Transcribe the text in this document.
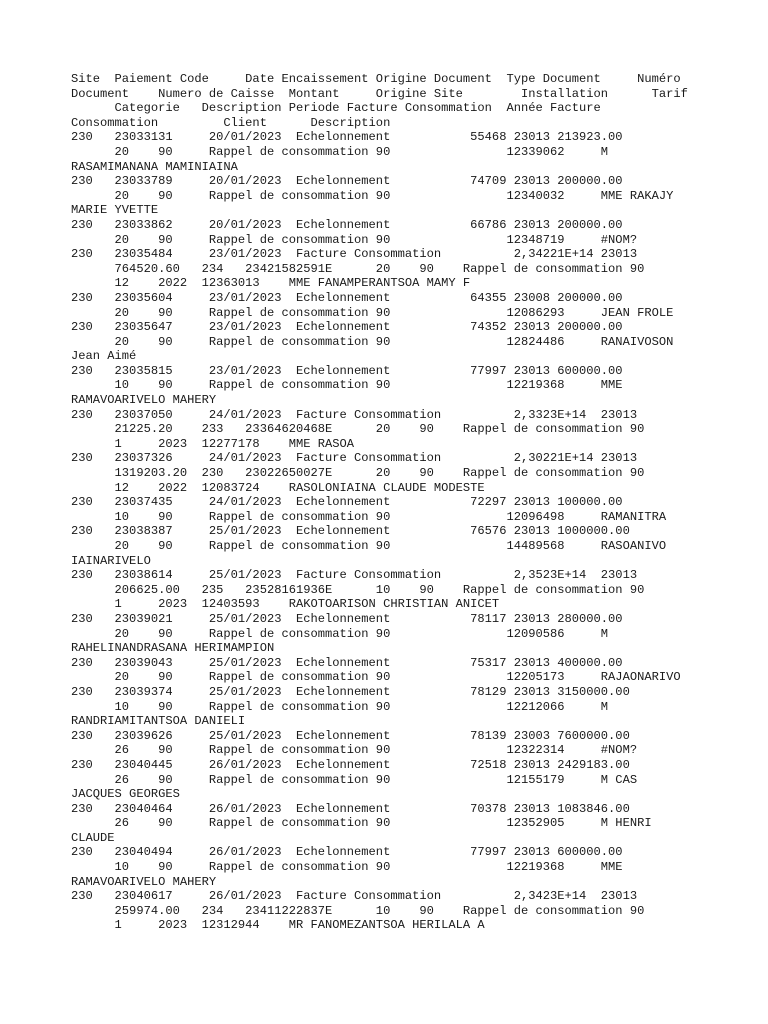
Site  Paiement Code     Date Encaissement Origine Document  Type Document     Numéro
Document    Numero de Caisse  Montant     Origine Site        Installation      Tarif
Categorie   Description Periode Facture Consommation  Année Facture
Consommation         Client      Description
230   23033131     20/01/2023  Echelonnement           55468 23013 213923.00
20    90     Rappel de consommation 90                12339062     M
RASAMIMANANA MAMINIAINA
230   23033789     20/01/2023  Echelonnement           74709 23013 200000.00
20    90     Rappel de consommation 90                12340032     MME RAKAJY
MARIE YVETTE
230   23033862     20/01/2023  Echelonnement           66786 23013 200000.00
20    90     Rappel de consommation 90                12348719     #NOM?
230   23035484     23/01/2023  Facture Consommation          2,34221E+14 23013
764520.60   234   23421582591E      20    90    Rappel de consommation 90
12    2022  12363013    MME FANAMPERANTSOA MAMY F
230   23035604     23/01/2023  Echelonnement           64355 23008 200000.00
20    90     Rappel de consommation 90                12086293     JEAN FROLE
230   23035647     23/01/2023  Echelonnement           74352 23013 200000.00
20    90     Rappel de consommation 90                12824486     RANAIVOSON
Jean Aimé
230   23035815     23/01/2023  Echelonnement           77997 23013 600000.00
10    90     Rappel de consommation 90                12219368     MME
RAMAVOARIVELO MAHERY
230   23037050     24/01/2023  Facture Consommation          2,3323E+14  23013
21225.20    233   23364620468E      20    90    Rappel de consommation 90
1     2023  12277178    MME RASOA
230   23037326     24/01/2023  Facture Consommation          2,30221E+14 23013
1319203.20  230   23022650027E      20    90    Rappel de consommation 90
12    2022  12083724    RASOLONIAINA CLAUDE MODESTE
230   23037435     24/01/2023  Echelonnement           72297 23013 100000.00
10    90     Rappel de consommation 90                12096498     RAMANITRA
230   23038387     25/01/2023  Echelonnement           76576 23013 1000000.00
20    90     Rappel de consommation 90                14489568     RASOANIVO
IAINARIVELO
230   23038614     25/01/2023  Facture Consommation          2,3523E+14  23013
206625.00   235   23528161936E      10    90    Rappel de consommation 90
1     2023  12403593    RAKOTOARISON CHRISTIAN ANICET
230   23039021     25/01/2023  Echelonnement           78117 23013 280000.00
20    90     Rappel de consommation 90                12090586     M
RAHELINANDRASANA HERIMAMPION
230   23039043     25/01/2023  Echelonnement           75317 23013 400000.00
20    90     Rappel de consommation 90                12205173     RAJAONARIVO
230   23039374     25/01/2023  Echelonnement           78129 23013 3150000.00
10    90     Rappel de consommation 90                12212066     M
RANDRIAMITANTSOA DANIELI
230   23039626     25/01/2023  Echelonnement           78139 23003 7600000.00
26    90     Rappel de consommation 90                12322314     #NOM?
230   23040445     26/01/2023  Echelonnement           72518 23013 2429183.00
26    90     Rappel de consommation 90                12155179     M CAS
JACQUES GEORGES
230   23040464     26/01/2023  Echelonnement           70378 23013 1083846.00
26    90     Rappel de consommation 90                12352905     M HENRI
CLAUDE
230   23040494     26/01/2023  Echelonnement           77997 23013 600000.00
10    90     Rappel de consommation 90                12219368     MME
RAMAVOARIVELO MAHERY
230   23040617     26/01/2023  Facture Consommation          2,3423E+14  23013
259974.00   234   23411222837E      10    90    Rappel de consommation 90
1     2023  12312944    MR FANOMEZANTSOA HERILALA A
